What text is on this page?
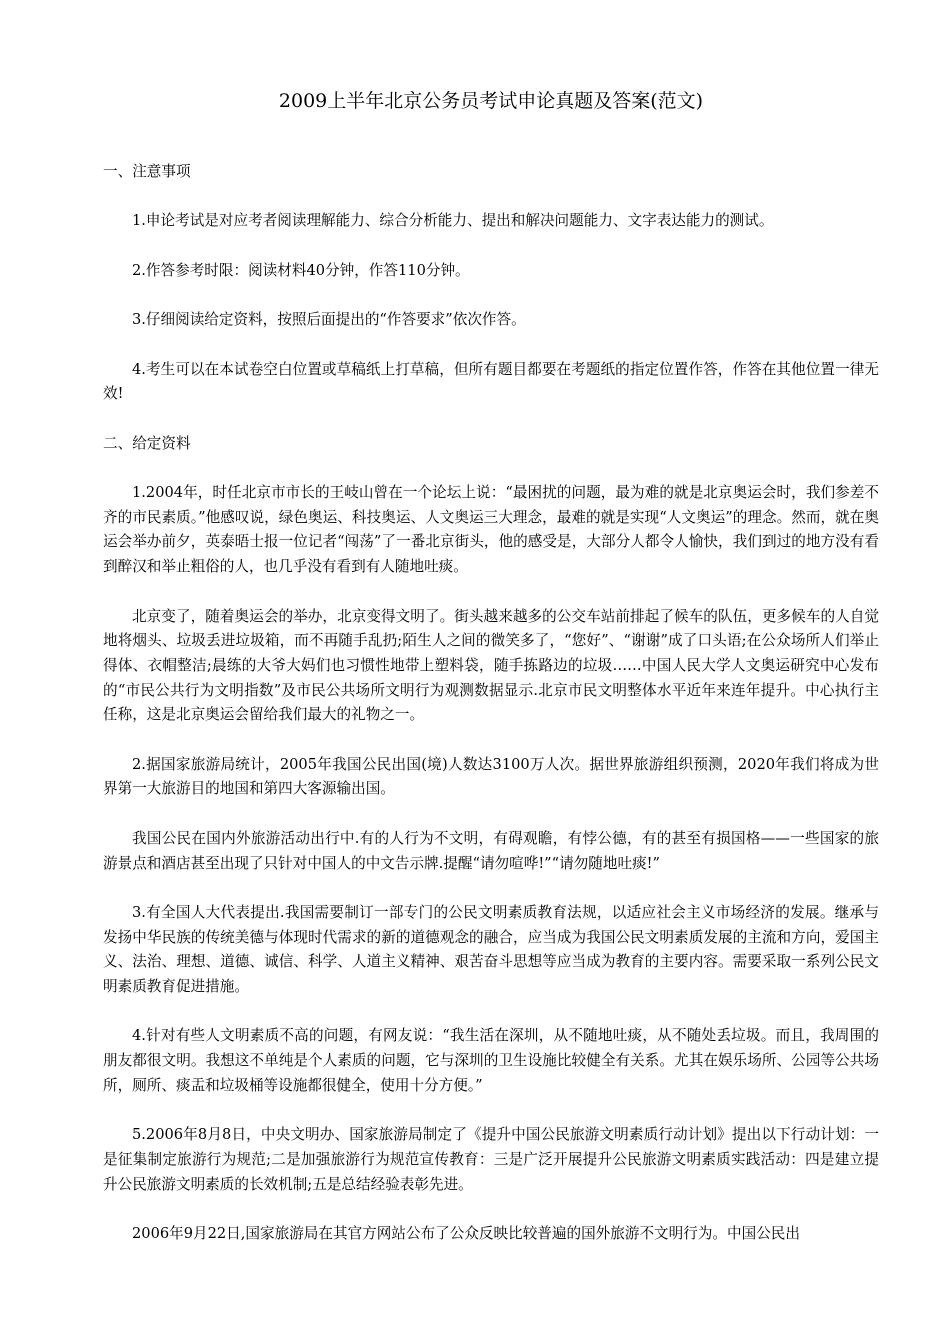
2009上半年北京公务员考试申论真题及答案(范文)

一、注意事项

1.申论考试是对应考者阅读理解能力、综合分析能力、提出和解决问题能力、文字表达能力的测试。

2.作答参考时限：阅读材料40分钟，作答110分钟。

3.仔细阅读给定资料，按照后面提出的“作答要求”依次作答。

4.考生可以在本试卷空白位置或草稿纸上打草稿，但所有题目都要在考题纸的指定位置作答，作答在其他位置一律无效!

二、给定资料

1.2004年，时任北京市市长的王岐山曾在一个论坛上说：“最困扰的问题，最为难的就是北京奥运会时，我们参差不齐的市民素质。”他感叹说，绿色奥运、科技奥运、人文奥运三大理念，最难的就是实现“人文奥运”的理念。然而，就在奥运会举办前夕，英泰晤士报一位记者“闯荡”了一番北京街头，他的感受是，大部分人都令人愉快，我们到过的地方没有看到醉汉和举止粗俗的人，也几乎没有看到有人随地吐痰。

北京变了，随着奥运会的举办，北京变得文明了。街头越来越多的公交车站前排起了候车的队伍，更多候车的人自觉地将烟头、垃圾丢进垃圾箱，而不再随手乱扔;陌生人之间的微笑多了，“您好”、“谢谢”成了口头语;在公众场所人们举止得体、衣帽整洁;晨练的大爷大妈们也习惯性地带上塑料袋，随手拣路边的垃圾……中国人民大学人文奥运研究中心发布的“市民公共行为文明指数”及市民公共场所文明行为观测数据显示.北京市民文明整体水平近年来连年提升。中心执行主任称，这是北京奥运会留给我们最大的礼物之一。

2.据国家旅游局统计，2005年我国公民出国(境)人数达3100万人次。据世界旅游组织预测，2020年我们将成为世界第一大旅游目的地国和第四大客源输出国。

我国公民在国内外旅游活动出行中.有的人行为不文明，有碍观瞻，有悖公德，有的甚至有损国格——一些国家的旅游景点和酒店甚至出现了只针对中国人的中文告示牌.提醒“请勿喧哗!”“请勿随地吐痰!”

3.有全国人大代表提出.我国需要制订一部专门的公民文明素质教育法规，以适应社会主义市场经济的发展。继承与发扬中华民族的传统美德与体现时代需求的新的道德观念的融合，应当成为我国公民文明素质发展的主流和方向，爱国主义、法治、理想、道德、诚信、科学、人道主义精神、艰苦奋斗思想等应当成为教育的主要内容。需要采取一系列公民文明素质教育促进措施。

4.针对有些人文明素质不高的问题，有网友说：“我生活在深圳，从不随地吐痰，从不随处丢垃圾。而且，我周围的朋友都很文明。我想这不单纯是个人素质的问题，它与深圳的卫生设施比较健全有关系。尤其在娱乐场所、公园等公共场所，厕所、痰盂和垃圾桶等设施都很健全，使用十分方便。”

5.2006年8月8日，中央文明办、国家旅游局制定了《提升中国公民旅游文明素质行动计划》提出以下行动计划：一是征集制定旅游行为规范;二是加强旅游行为规范宣传教育：三是广泛开展提升公民旅游文明素质实践活动：四是建立提升公民旅游文明素质的长效机制;五是总结经验表彰先进。

2006年9月22日,国家旅游局在其官方网站公布了公众反映比较普遍的国外旅游不文明行为。中国公民出
